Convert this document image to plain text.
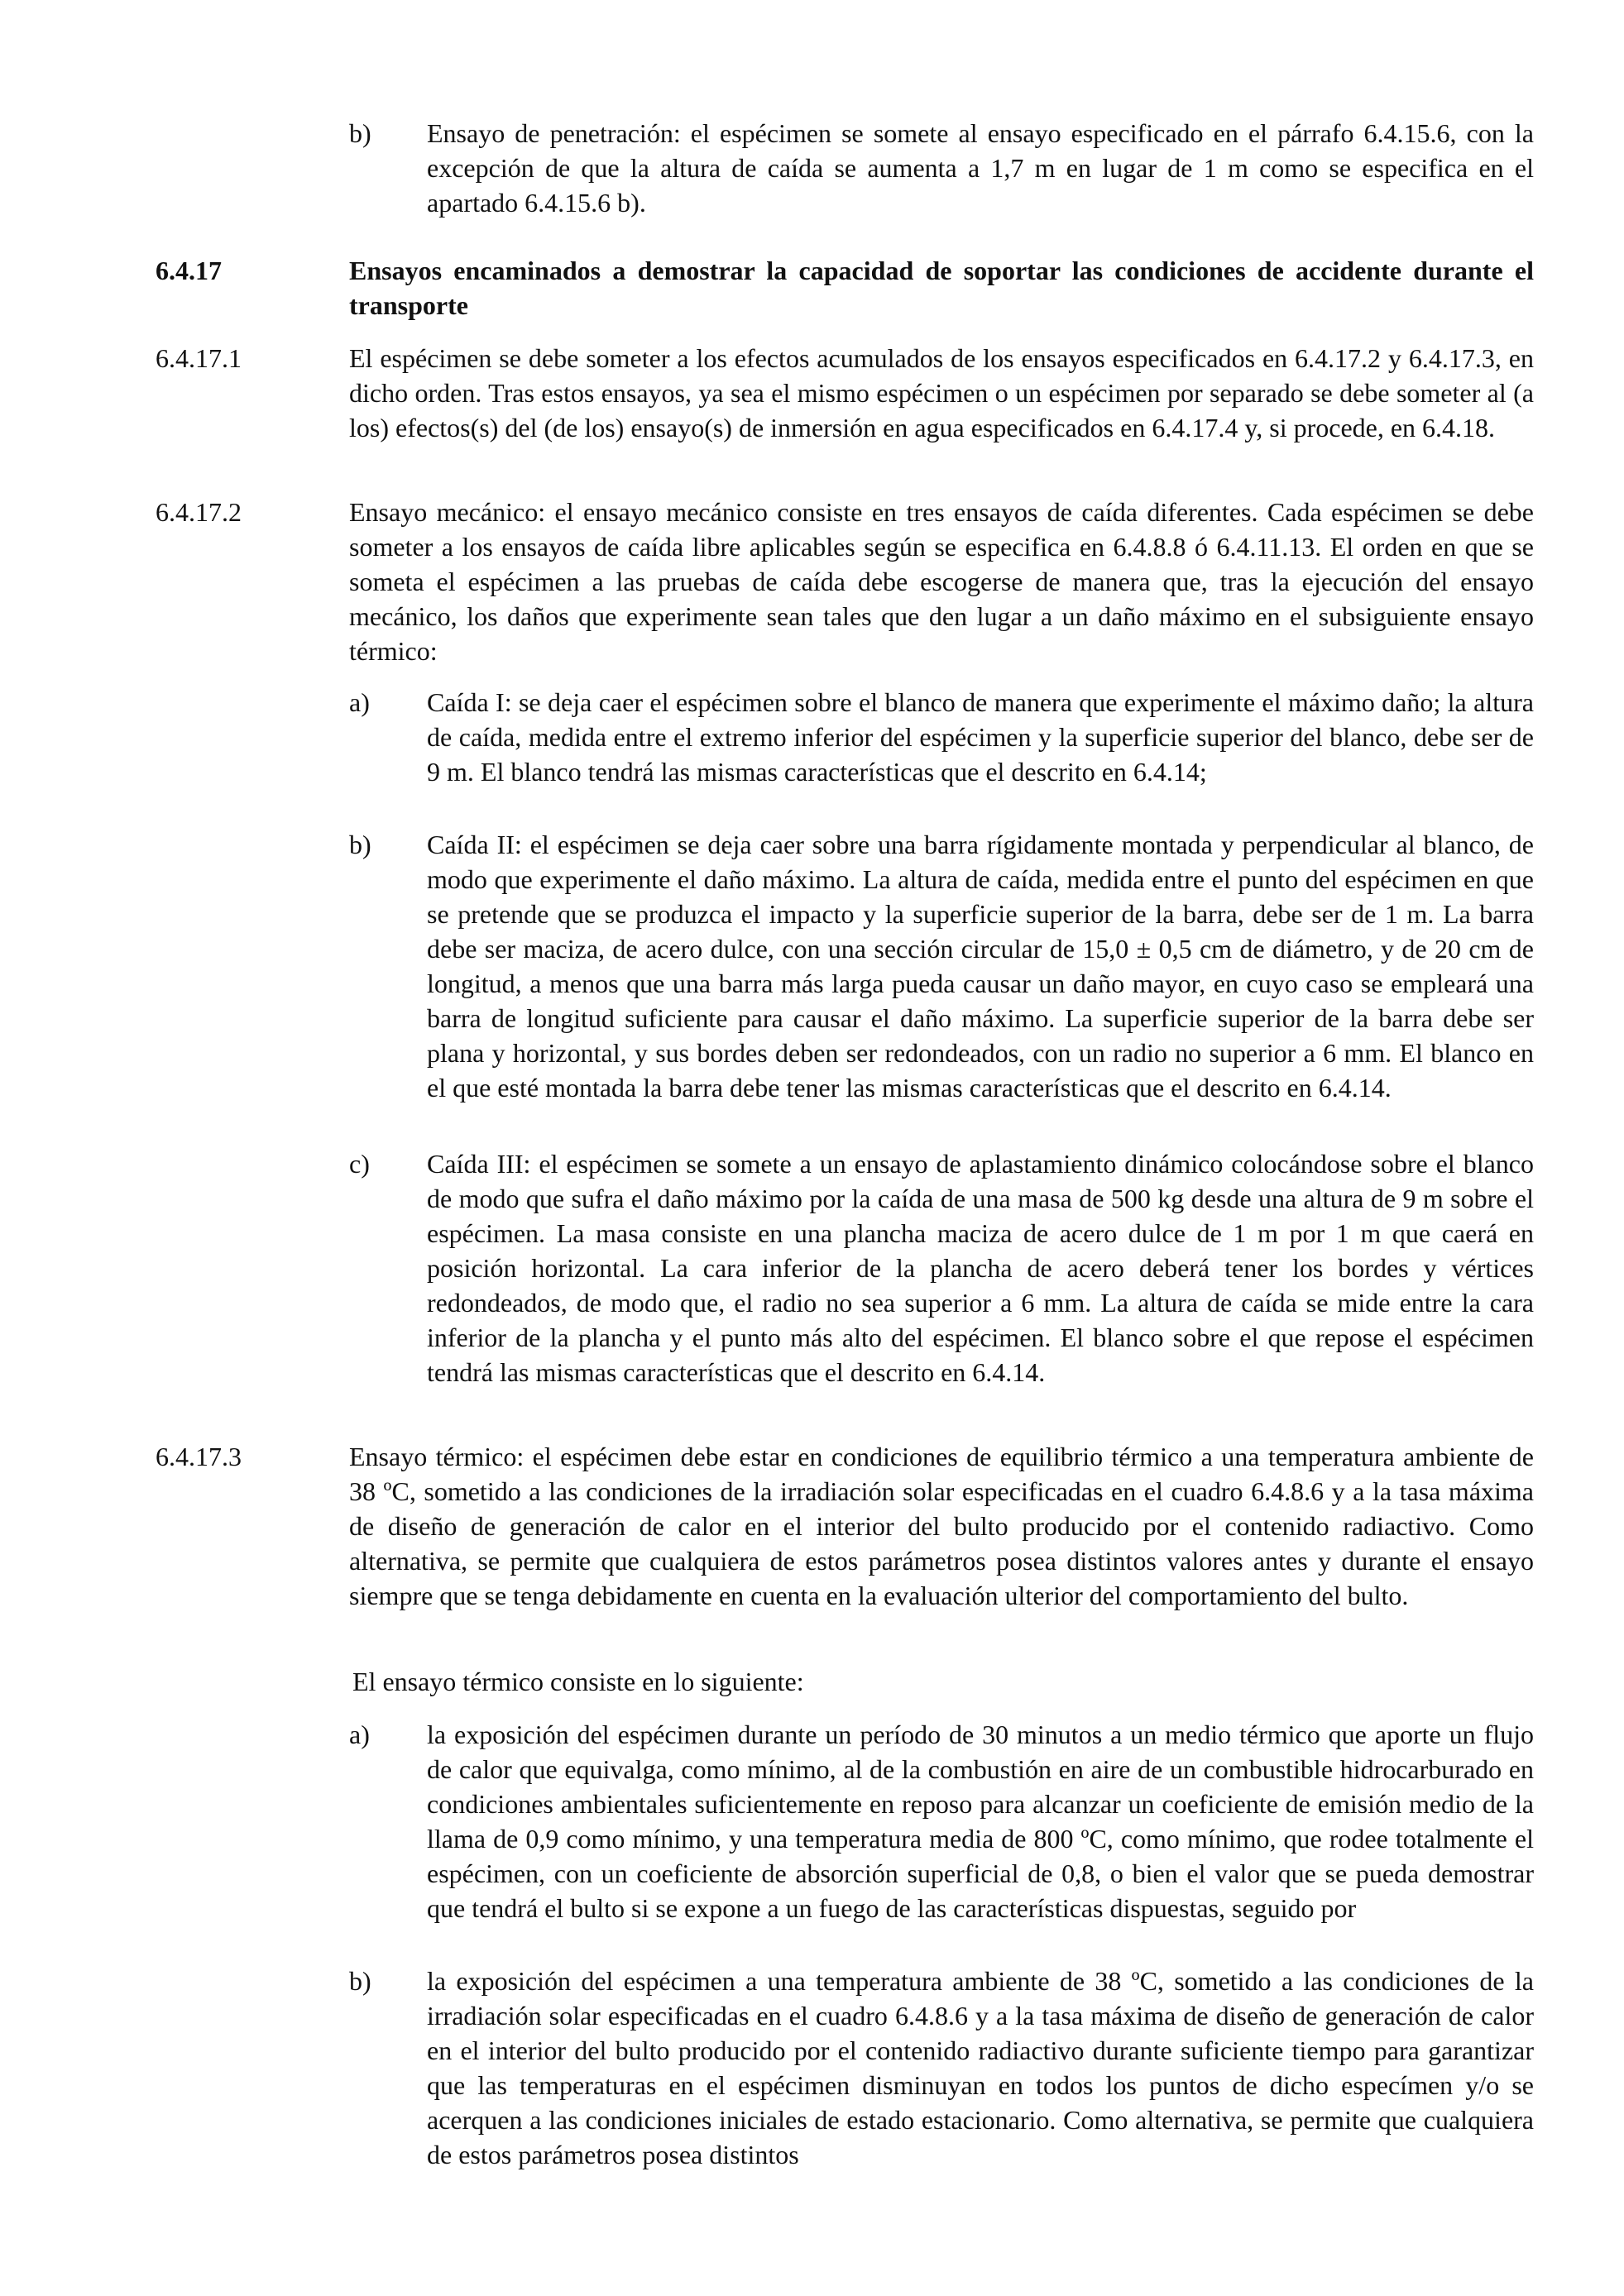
b)	Ensayo de penetración: el espécimen se somete al ensayo especificado en el párrafo 6.4.15.6, con la excepción de que la altura de caída se aumenta a 1,7 m en lugar de 1 m como se especifica en el apartado 6.4.15.6 b).

6.4.17	Ensayos encaminados a demostrar la capacidad de soportar las condiciones de accidente durante el transporte

6.4.17.1	El espécimen se debe someter a los efectos acumulados de los ensayos especificados en 6.4.17.2 y 6.4.17.3, en dicho orden. Tras estos ensayos, ya sea el mismo espécimen o un espécimen por separado se debe someter al (a los) efectos(s) del (de los) ensayo(s) de inmersión en agua especificados en 6.4.17.4 y, si procede, en 6.4.18.

6.4.17.2	Ensayo mecánico: el ensayo mecánico consiste en tres ensayos de caída diferentes. Cada espécimen se debe someter a los ensayos de caída libre aplicables según se especifica en 6.4.8.8 ó 6.4.11.13. El orden en que se someta el espécimen a las pruebas de caída debe escogerse de manera que, tras la ejecución del ensayo mecánico, los daños que experimente sean tales que den lugar a un daño máximo en el subsiguiente ensayo térmico:

a)	Caída I: se deja caer el espécimen sobre el blanco de manera que experimente el máximo daño; la altura de caída, medida entre el extremo inferior del espécimen y la superficie superior del blanco, debe ser de 9 m. El blanco tendrá las mismas características que el descrito en 6.4.14;

b)	Caída II: el espécimen se deja caer sobre una barra rígidamente montada y perpendicular al blanco, de modo que experimente el daño máximo. La altura de caída, medida entre el punto del espécimen en que se pretende que se produzca el impacto y la superficie superior de la barra, debe ser de 1 m. La barra debe ser maciza, de acero dulce, con una sección circular de 15,0 ± 0,5 cm de diámetro, y de 20 cm de longitud, a menos que una barra más larga pueda causar un daño mayor, en cuyo caso se empleará una barra de longitud suficiente para causar el daño máximo. La superficie superior de la barra debe ser plana y horizontal, y sus bordes deben ser redondeados, con un radio no superior a 6 mm. El blanco en el que esté montada la barra debe tener las mismas características que el descrito en 6.4.14.

c)	Caída III: el espécimen se somete a un ensayo de aplastamiento dinámico colocándose sobre el blanco de modo que sufra el daño máximo por la caída de una masa de 500 kg desde una altura de 9 m sobre el espécimen. La masa consiste en una plancha maciza de acero dulce de 1 m por 1 m que caerá en posición horizontal. La cara inferior de la plancha de acero deberá tener los bordes y vértices redondeados, de modo que, el radio no sea superior a 6 mm. La altura de caída se mide entre la cara inferior de la plancha y el punto más alto del espécimen. El blanco sobre el que repose el espécimen tendrá las mismas características que el descrito en 6.4.14.

6.4.17.3	Ensayo térmico: el espécimen debe estar en condiciones de equilibrio térmico a una temperatura ambiente de 38 ºC, sometido a las condiciones de la irradiación solar especificadas en el cuadro 6.4.8.6 y a la tasa máxima de diseño de generación de calor en el interior del bulto producido por el contenido radiactivo. Como alternativa, se permite que cualquiera de estos parámetros posea distintos valores antes y durante el ensayo siempre que se tenga debidamente en cuenta en la evaluación ulterior del comportamiento del bulto.

El ensayo térmico consiste en lo siguiente:

a)	la exposición del espécimen durante un período de 30 minutos a un medio térmico que aporte un flujo de calor que equivalga, como mínimo, al de la combustión en aire de un combustible hidrocarburado en condiciones ambientales suficientemente en reposo para alcanzar un coeficiente de emisión medio de la llama de 0,9 como mínimo, y una temperatura media de 800 ºC, como mínimo, que rodee totalmente el espécimen, con un coeficiente de absorción superficial de 0,8, o bien el valor que se pueda demostrar que tendrá el bulto si se expone a un fuego de las características dispuestas, seguido por

b)	la exposición del espécimen a una temperatura ambiente de 38 ºC, sometido a las condiciones de la irradiación solar especificadas en el cuadro 6.4.8.6 y a la tasa máxima de diseño de generación de calor en el interior del bulto producido por el contenido radiactivo durante suficiente tiempo para garantizar que las temperaturas en el espécimen disminuyan en todos los puntos de dicho especímen y/o se acerquen a las condiciones iniciales de estado estacionario. Como alternativa, se permite que cualquiera de estos parámetros posea distintos
